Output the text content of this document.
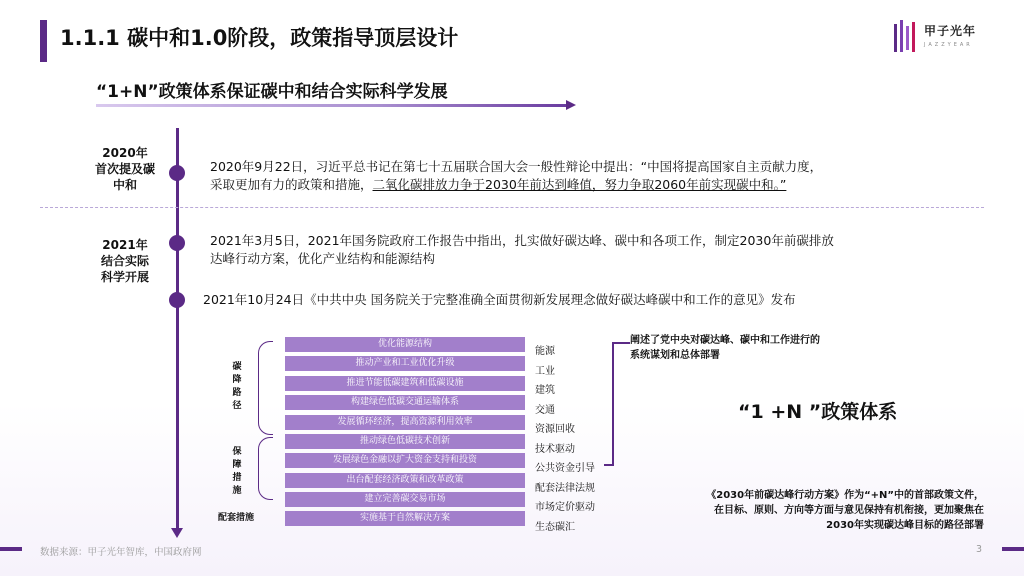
1.1.1 碳中和1.0阶段，政策指导顶层设计	甲子光年
JAZZYEAR
“1+N”政策体系保证碳中和结合实际科学发展
2020年
首次提及碳
中和
2021年
结合实际
科学开展
2020年9月22日，习近平总书记在第七十五届联合国大会一般性辩论中提出：“中国将提高国家自主贡献力度，
采取更加有力的政策和措施，二氧化碳排放力争于2030年前达到峰值，努力争取2060年前实现碳中和。”
2021年3月5日，2021年国务院政府工作报告中指出，扎实做好碳达峰、碳中和各项工作，制定2030年前碳排放
达峰行动方案，优化产业结构和能源结构
2021年10月24日《中共中央 国务院关于完整准确全面贯彻新发展理念做好碳达峰碳中和工作的意见》发布
碳
降
路
径
保
障
措
施
配套措施
优化能源结构
推动产业和工业优化升级
推进节能低碳建筑和低碳设施
构建绿色低碳交通运输体系
发展循环经济，提高资源利用效率
推动绿色低碳技术创新
发展绿色金融以扩大资金支持和投资
出台配套经济政策和改革政策
建立完善碳交易市场
实施基于自然解决方案
能源
工业
建筑
交通
资源回收
技术驱动
公共资金引导
配套法律法规
市场定价驱动
生态碳汇
阐述了党中央对碳达峰、碳中和工作进行的
系统谋划和总体部署
“1 +N ”政策体系
《2030年前碳达峰行动方案》作为“+N”中的首部政策文件，
在目标、原则、方向等方面与意见保持有机衔接，更加聚焦在
2030年实现碳达峰目标的路径部署
数据来源：甲子光年智库，中国政府网	3
